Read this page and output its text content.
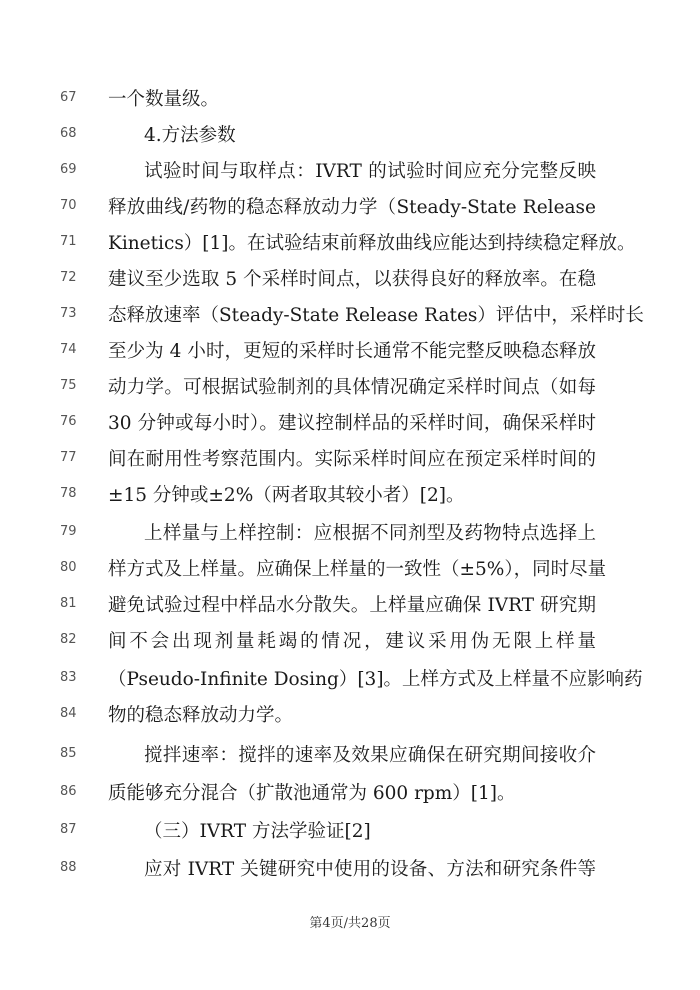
67 一个数量级。
68	4.方法参数
69	试验时间与取样点：IVRT 的试验时间应充分完整反映
70 释放曲线/药物的稳态释放动力学（Steady-State Release
71 Kinetics）[1]。在试验结束前释放曲线应能达到持续稳定释放。
72 建议至少选取 5 个采样时间点，以获得良好的释放率。在稳
73 态释放速率（Steady-State Release Rates）评估中，采样时长
74 至少为 4 小时，更短的采样时长通常不能完整反映稳态释放
75 动力学。可根据试验制剂的具体情况确定采样时间点（如每
76 30 分钟或每小时）。建议控制样品的采样时间，确保采样时
77 间在耐用性考察范围内。实际采样时间应在预定采样时间的
78 ±15 分钟或±2%（两者取其较小者）[2]。
79	上样量与上样控制：应根据不同剂型及药物特点选择上
80 样方式及上样量。应确保上样量的一致性（±5%），同时尽量
81 避免试验过程中样品水分散失。上样量应确保 IVRT 研究期
82 间不会出现剂量耗竭的情况，建议采用伪无限上样量
83 （Pseudo-Infinite Dosing）[3]。上样方式及上样量不应影响药
84 物的稳态释放动力学。
85	搅拌速率：搅拌的速率及效果应确保在研究期间接收介
86 质能够充分混合（扩散池通常为 600 rpm）[1]。
87	（三）IVRT 方法学验证[2]
88	应对 IVRT 关键研究中使用的设备、方法和研究条件等
第4页/共28页
